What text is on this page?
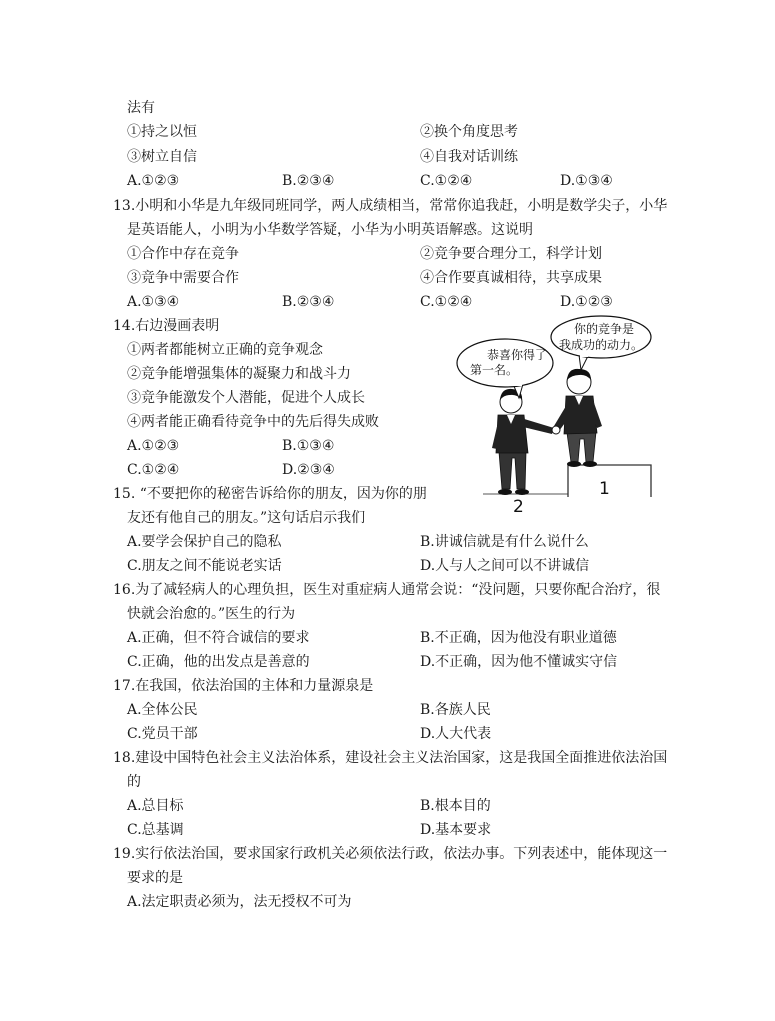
法有
①持之以恒	②换个角度思考
③树立自信	④自我对话训练
A.①②③	B.②③④	C.①②④	D.①③④
13.小明和小华是九年级同班同学，两人成绩相当，常常你追我赶，小明是数学尖子，小华
是英语能人，小明为小华数学答疑，小华为小明英语解惑。这说明
①合作中存在竞争	②竞争要合理分工，科学计划
③竞争中需要合作	④合作要真诚相待，共享成果
A.①③④	B.②③④	C.①②④	D.①②③
14.右边漫画表明
①两者都能树立正确的竞争观念
②竞争能增强集体的凝聚力和战斗力
③竞争能激发个人潜能，促进个人成长
④两者能正确看待竞争中的先后得失成败
A.①②③	B.①③④
C.①②④	D.②③④
1
2
恭喜你得了
第一名。
你的竞争是
我成功的动力。
15. “不要把你的秘密告诉给你的朋友，因为你的朋
友还有他自己的朋友。”这句话启示我们
A.要学会保护自己的隐私	B.讲诚信就是有什么说什么
C.朋友之间不能说老实话	D.人与人之间可以不讲诚信
16.为了减轻病人的心理负担，医生对重症病人通常会说：“没问题，只要你配合治疗，很
快就会治愈的。”医生的行为
A.正确，但不符合诚信的要求	B.不正确，因为他没有职业道德
C.正确，他的出发点是善意的	D.不正确，因为他不懂诚实守信
17.在我国，依法治国的主体和力量源泉是
A.全体公民	B.各族人民
C.党员干部	D.人大代表
18.建设中国特色社会主义法治体系，建设社会主义法治国家，这是我国全面推进依法治国
的
A.总目标	B.根本目的
C.总基调	D.基本要求
19.实行依法治国，要求国家行政机关必须依法行政，依法办事。下列表述中，能体现这一
要求的是
A.法定职责必须为，法无授权不可为
